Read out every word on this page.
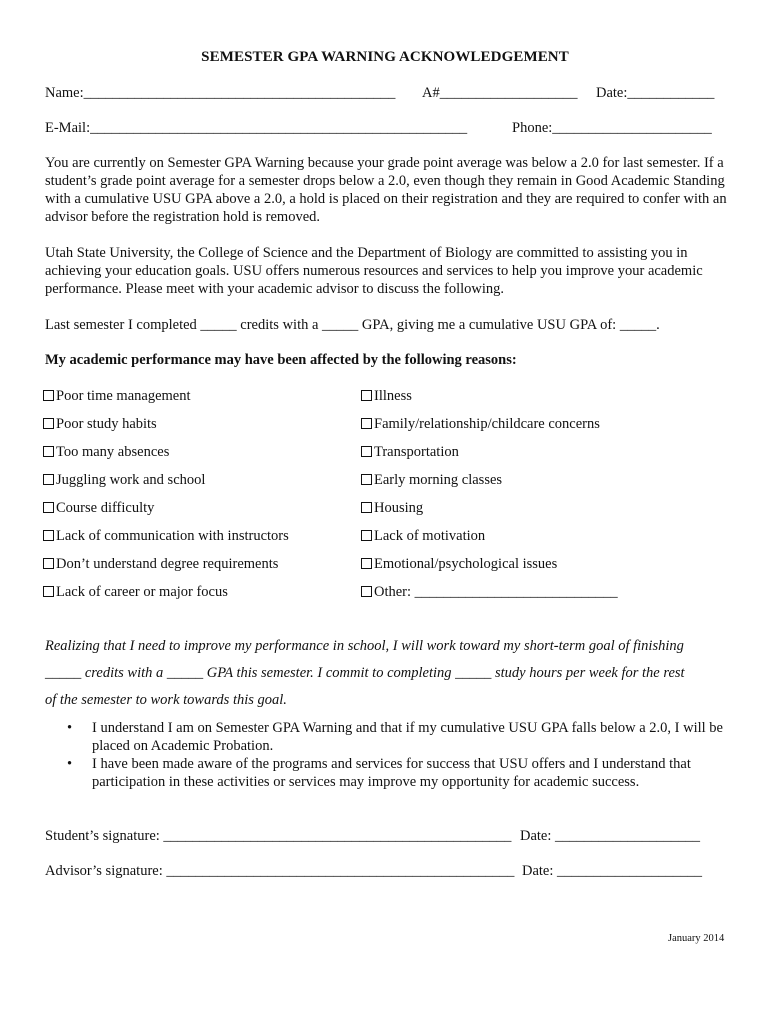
SEMESTER GPA WARNING ACKNOWLEDGEMENT
Name:___________________________________________ A#___________________ Date:____________
E-Mail:____________________________________________________	Phone:______________________
You are currently on Semester GPA Warning because your grade point average was below a 2.0 for last semester. If a student’s grade point average for a semester drops below a 2.0, even though they remain in Good Academic Standing with a cumulative USU GPA above a 2.0, a hold is placed on their registration and they are required to confer with an advisor before the registration hold is removed.
Utah State University, the College of Science and the Department of Biology are committed to assisting you in achieving your education goals. USU offers numerous resources and services to help you improve your academic performance. Please meet with your academic advisor to discuss the following.
Last semester I completed _____ credits with a _____ GPA, giving me a cumulative USU GPA of: _____.
My academic performance may have been affected by the following reasons:
Poor time management
Poor study habits
Too many absences
Juggling work and school
Course difficulty
Lack of communication with instructors
Don’t understand degree requirements
Lack of career or major focus
Illness
Family/relationship/childcare concerns
Transportation
Early morning classes
Housing
Lack of motivation
Emotional/psychological issues
Other: ____________________________
Realizing that I need to improve my performance in school, I will work toward my short-term goal of finishing
_____ credits with a _____ GPA this semester. I commit to completing _____ study hours per week for the rest
of the semester to work towards this goal.
• I understand I am on Semester GPA Warning and that if my cumulative USU GPA falls below a 2.0, I will be placed on Academic Probation.
• I have been made aware of the programs and services for success that USU offers and I understand that participation in these activities or services may improve my opportunity for academic success.
Student’s signature: ________________________________________________ Date: ____________________
Advisor’s signature: ________________________________________________ Date: ____________________
January 2014
